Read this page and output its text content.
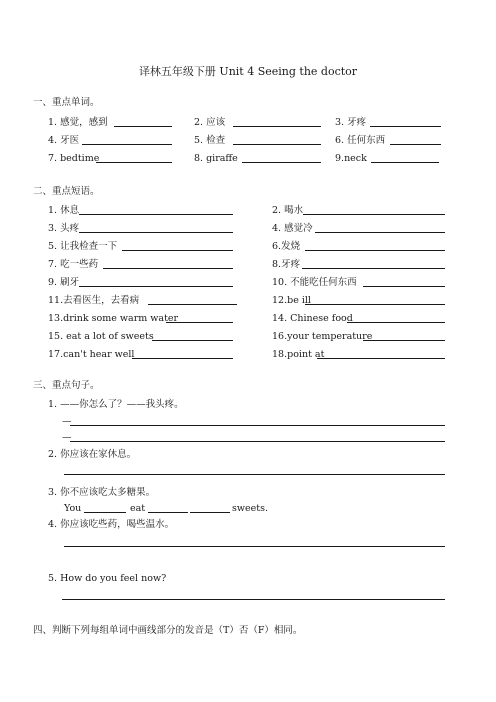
译林五年级下册 Unit 4 Seeing the doctor
一、重点单词。
1. 感觉，感到	2. 应该	3. 牙疼
4. 牙医	5. 检查	6. 任何东西
7. bedtime	8. giraffe	9.neck
二、重点短语。
1. 休息	2. 喝水
3. 头疼	4. 感觉冷
5. 让我检查一下	6.发烧
7. 吃一些药	8.牙疼
9. 刷牙	10. 不能吃任何东西
11.去看医生，去看病	12.be ill
13.drink some warm water	14. Chinese food
15. eat a lot of sweets	16.your temperature
17.can't hear well	18.point at
三、重点句子。
1. ——你怎么了？——我头疼。
—
—
2. 你应该在家休息。
3. 你不应该吃太多糖果。
You	eat	sweets.
4. 你应该吃些药，喝些温水。
5. How do you feel now?
四、判断下列每组单词中画线部分的发音是（T）否（F）相同。
